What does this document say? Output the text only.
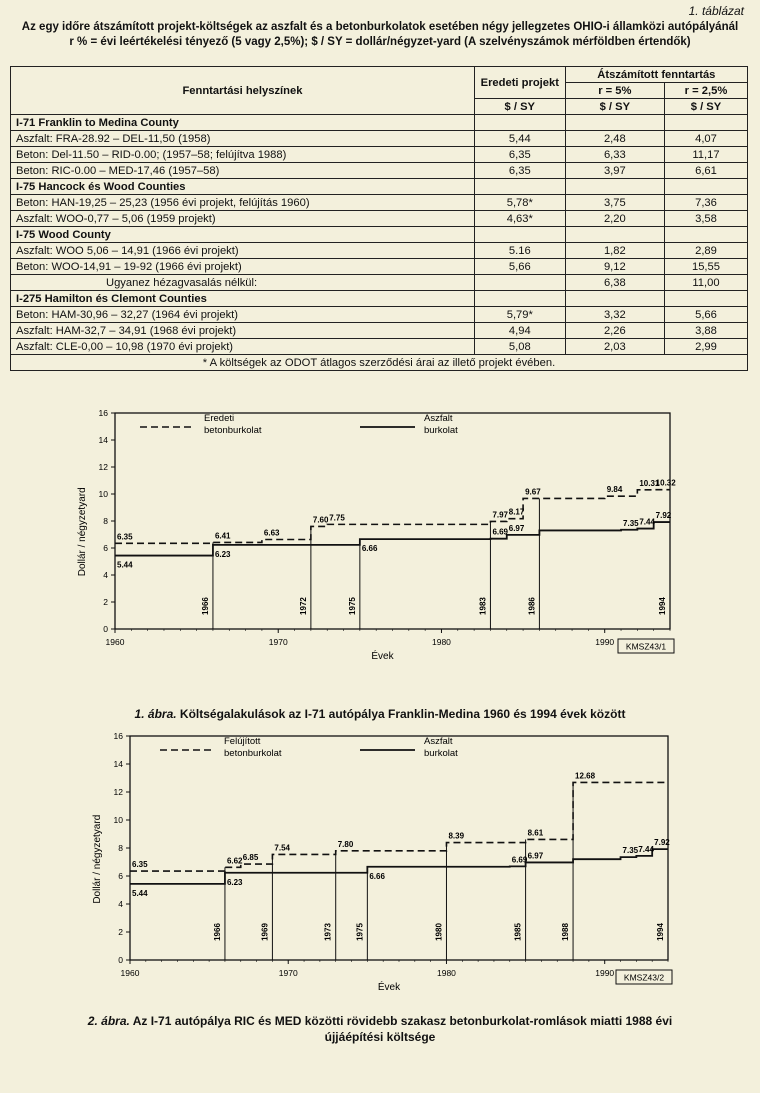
1. táblázat
Az egy időre átszámított projekt-költségek az aszfalt és a betonburkolatok esetében négy jellegzetes OHIO-i államközi autópályánál
r % = évi leértékelési tényező (5 vagy 2,5%); $ / SY = dollár/négyzet-yard (A szelvényszámok mérföldben értendők)
Fenntartási helyszínek	Eredeti projekt	Átszámított fenntartás	
		r = 5%	r = 2,5%
	$ / SY	$ / SY	$ / SY
I-71 Franklin to Medina County			
Aszfalt: FRA-28.92 – DEL-11,50 (1958)	5,44	2,48	4,07
Beton: Del-11.50 – RID-0.00; (1957–58; felújítva 1988)	6,35	6,33	11,17
Beton: RIC-0.00 – MED-17,46 (1957–58)	6,35	3,97	6,61
I-75 Hancock és Wood Counties			
Beton: HAN-19,25 – 25,23 (1956 évi projekt, felújítás 1960)	5,78*	3,75	7,36
Aszfalt: WOO-0,77 – 5,06 (1959 projekt)	4,63*	2,20	3,58
I-75 Wood County			
Aszfalt: WOO 5,06 – 14,91 (1966 évi projekt)	5.16	1,82	2,89
Beton: WOO-14,91 – 19-92 (1966 évi projekt)	5,66	9,12	15,55
Ugyanez hézagvasalás nélkül:		6,38	11,00
I-275 Hamilton és Clemont Counties			
Beton: HAM-30,96 – 32,27 (1964 évi projekt)	5,79*	3,32	5,66
Aszfalt: HAM-32,7 – 34,91 (1968 évi projekt)	4,94	2,26	3,88
Aszfalt: CLE-0,00 – 10,98 (1970 évi projekt)	5,08	2,03	2,99
* A költségek az ODOT átlagos szerződési árai az illető projekt évében.			
0
2
4
6
8
10
12
14
16
1960	1970	1980	1990
Évek
Dollár / négyzetyard
1966	1972	1975	1983	1986	1994
6.35	6.41	6.63
7.60 7.75	7.97 8.17
9.67	9.84
10.31
10.32
5.44
6.23
6.66
6.69 6.97
7.35 7.44
7.92
Eredeti
betonburkolat
Aszfalt
burkolat
KMSZ43/1
1. ábra. Költségalakulások az I-71 autópálya Franklin-Medina 1960 és 1994 évek között
0
2
4
6
8
10
12
14
16
1960	1970	1980	1990
Évek
Dollár / négyzetyard
1966	1969	1973	1975	1980	1985	1988	1994
6.35	6.62 6.85
7.54	7.80
8.39	8.61
12.68
5.44
6.23
6.66
6.69 6.97
7.35 7.44
7.92
Felújított
betonburkolat
Aszfalt
burkolat
KMSZ43/2
2. ábra. Az I-71 autópálya RIC és MED közötti rövidebb szakasz betonburkolat-romlások miatti 1988 évi
újjáépítési költsége
